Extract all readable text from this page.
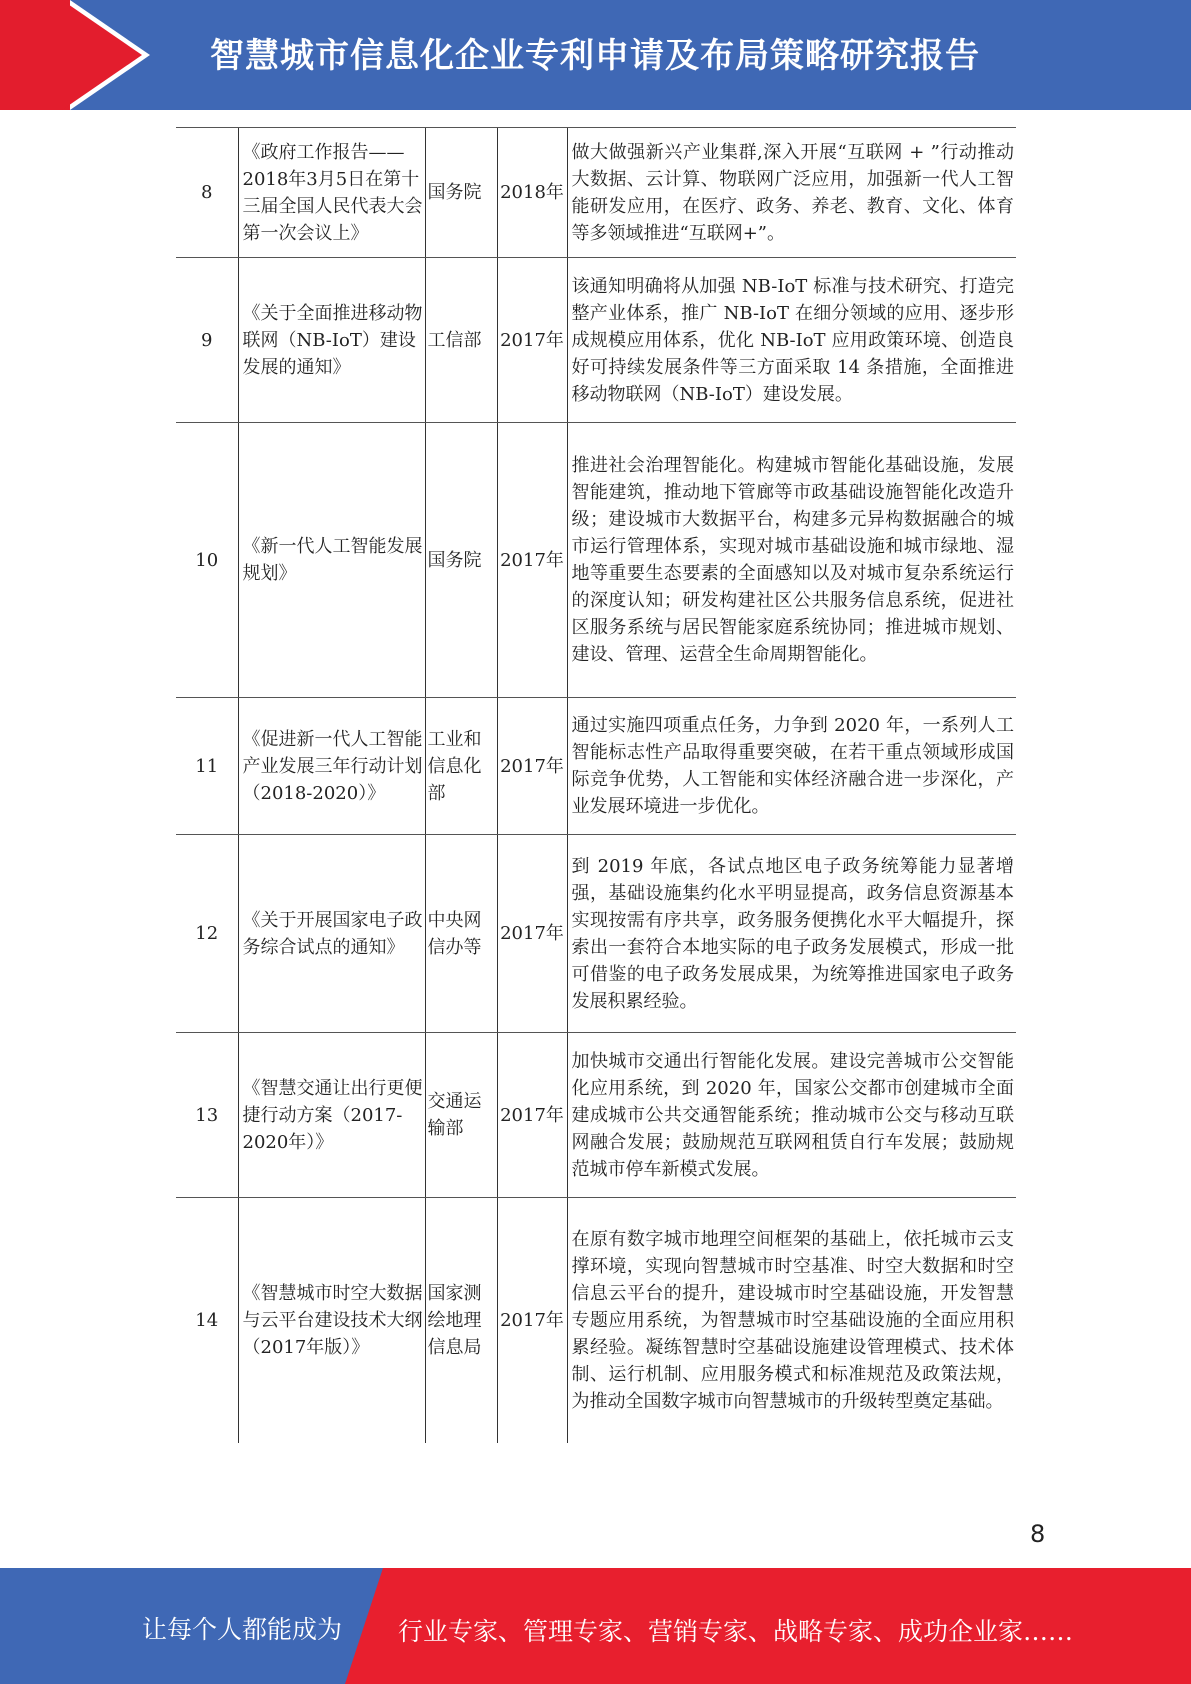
智慧城市信息化企业专利申请及布局策略研究报告
8	《政府工作报告——2018年3月5日在第十三届全国人民代表大会第一次会议上》	国务院	2018年	做大做强新兴产业集群,深入开展“互联网 + ”行动推动大数据、云计算、物联网广泛应用，加强新一代人工智能研发应用，在医疗、政务、养老、教育、文化、体育等多领域推进“互联网+”。
9	《关于全面推进移动物联网（NB-IoT）建设发展的通知》	工信部	2017年	该通知明确将从加强 NB-IoT 标准与技术研究、打造完整产业体系，推广 NB-IoT 在细分领域的应用、逐步形成规模应用体系，优化 NB-IoT 应用政策环境、创造良好可持续发展条件等三方面采取 14 条措施，全面推进移动物联网（NB-IoT）建设发展。
10	《新一代人工智能发展规划》	国务院	2017年	推进社会治理智能化。构建城市智能化基础设施，发展智能建筑，推动地下管廊等市政基础设施智能化改造升级；建设城市大数据平台，构建多元异构数据融合的城市运行管理体系，实现对城市基础设施和城市绿地、湿地等重要生态要素的全面感知以及对城市复杂系统运行的深度认知；研发构建社区公共服务信息系统，促进社区服务系统与居民智能家庭系统协同；推进城市规划、建设、管理、运营全生命周期智能化。
11	《促进新一代人工智能产业发展三年行动计划（2018-2020）》	工业和信息化部	2017年	通过实施四项重点任务，力争到 2020 年，一系列人工智能标志性产品取得重要突破，在若干重点领域形成国际竞争优势，人工智能和实体经济融合进一步深化，产业发展环境进一步优化。
12	《关于开展国家电子政务综合试点的通知》	中央网信办等	2017年	到 2019 年底，各试点地区电子政务统筹能力显著增强，基础设施集约化水平明显提高，政务信息资源基本实现按需有序共享，政务服务便携化水平大幅提升，探索出一套符合本地实际的电子政务发展模式，形成一批可借鉴的电子政务发展成果，为统筹推进国家电子政务发展积累经验。
13	《智慧交通让出行更便捷行动方案（2017-2020年）》	交通运输部	2017年	加快城市交通出行智能化发展。建设完善城市公交智能化应用系统，到 2020 年，国家公交都市创建城市全面建成城市公共交通智能系统；推动城市公交与移动互联网融合发展；鼓励规范互联网租赁自行车发展；鼓励规范城市停车新模式发展。
14	《智慧城市时空大数据与云平台建设技术大纲（2017年版）》	国家测绘地理信息局	2017年	在原有数字城市地理空间框架的基础上，依托城市云支撑环境，实现向智慧城市时空基准、时空大数据和时空信息云平台的提升，建设城市时空基础设施，开发智慧专题应用系统，为智慧城市时空基础设施的全面应用积累经验。凝练智慧时空基础设施建设管理模式、技术体制、运行机制、应用服务模式和标准规范及政策法规，为推动全国数字城市向智慧城市的升级转型奠定基础。
8
让每个人都能成为 行业专家、管理专家、营销专家、战略专家、成功企业家……
